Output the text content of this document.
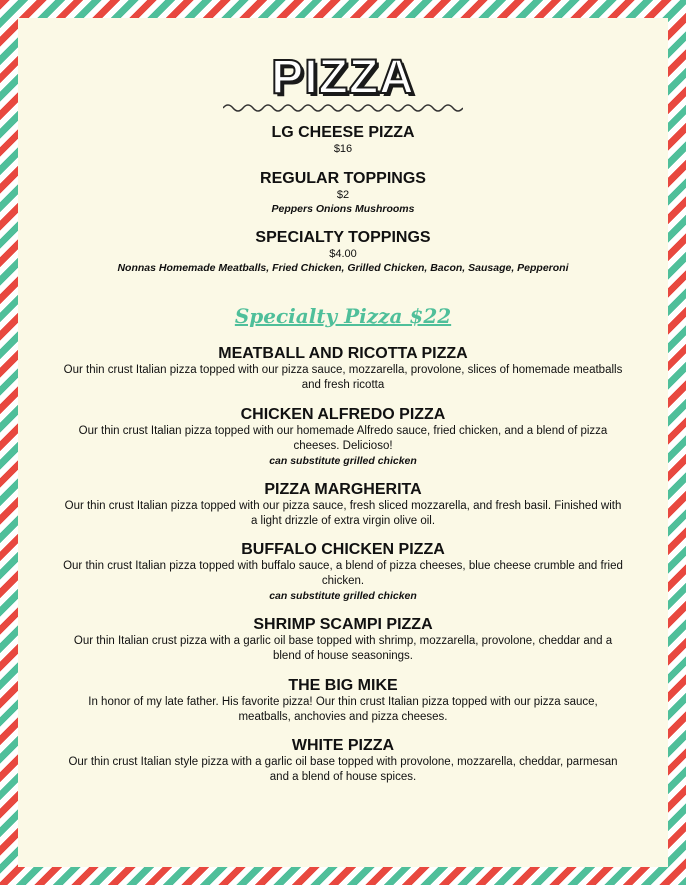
PIZZA
LG CHEESE PIZZA
$16
REGULAR TOPPINGS
$2
Peppers Onions Mushrooms
SPECIALTY TOPPINGS
$4.00
Nonnas Homemade Meatballs, Fried Chicken, Grilled Chicken, Bacon, Sausage, Pepperoni
Specialty Pizza $22
MEATBALL AND RICOTTA PIZZA
Our thin crust Italian pizza topped with our pizza sauce, mozzarella, provolone, slices of homemade meatballs and fresh ricotta
CHICKEN ALFREDO PIZZA
Our thin crust Italian pizza topped with our homemade Alfredo sauce, fried chicken, and a blend of pizza cheeses. Delicioso!
can substitute grilled chicken
PIZZA MARGHERITA
Our thin crust Italian pizza topped with our pizza sauce, fresh sliced mozzarella, and fresh basil. Finished with a light drizzle of extra virgin olive oil.
BUFFALO CHICKEN PIZZA
Our thin crust Italian pizza topped with buffalo sauce, a blend of pizza cheeses, blue cheese crumble and fried chicken.
can substitute grilled chicken
SHRIMP SCAMPI PIZZA
Our thin Italian crust pizza with a garlic oil base topped with shrimp, mozzarella, provolone, cheddar and a blend of house seasonings.
THE BIG MIKE
In honor of my late father. His favorite pizza! Our thin crust Italian pizza topped with our pizza sauce, meatballs, anchovies and pizza cheeses.
WHITE PIZZA
Our thin crust Italian style pizza with a garlic oil base topped with provolone, mozzarella, cheddar, parmesan and a blend of house spices.
